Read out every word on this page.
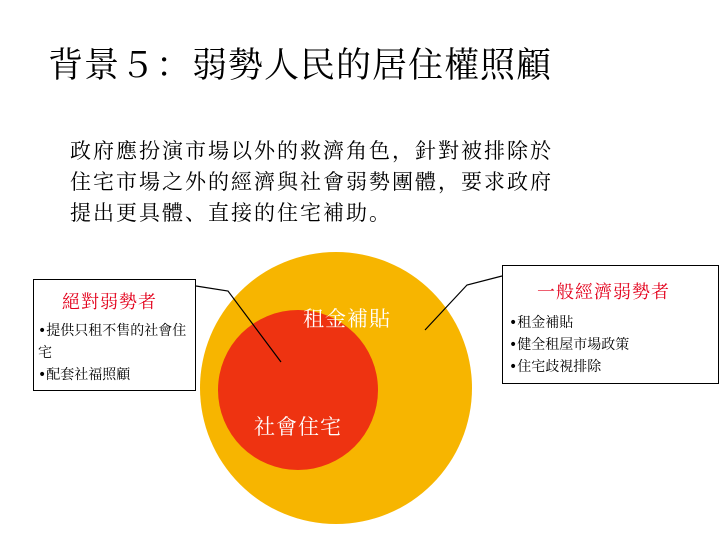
背景５：弱勢人民的居住權照顧
政府應扮演市場以外的救濟角色，針對被排除於
住宅市場之外的經濟與社會弱勢團體，要求政府
提出更具體、直接的住宅補助。
租金補貼
社會住宅
絕對弱勢者
• 提供只租不售的社會住宅
• 配套社福照顧
一般經濟弱勢者
• 租金補貼
• 健全租屋市場政策
• 住宅歧視排除
